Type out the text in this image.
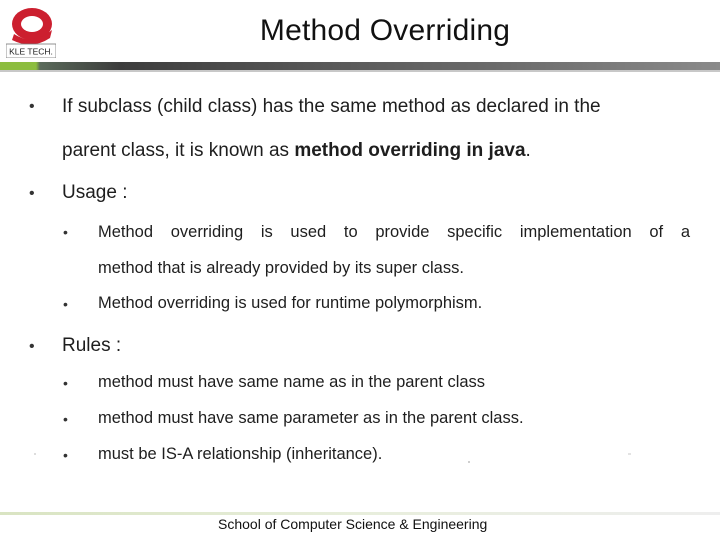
KLE TECH.
Method Overriding
• If subclass (child class) has the same method as declared in the
parent class, it is known as method overriding in java.
• Usage :
• Method overriding is used to provide specific implementation of a
method that is already provided by its super class.
• Method overriding is used for runtime polymorphism.
• Rules :
• method must have same name as in the parent class
• method must have same parameter as in the parent class.
• must be IS-A relationship (inheritance).
School of Computer Science & Engineering
